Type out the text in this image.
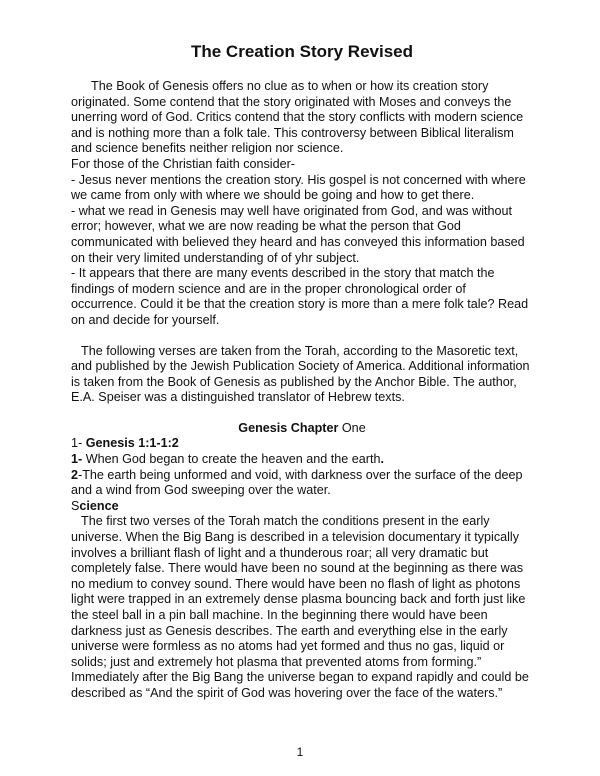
The Creation Story Revised

The Book of Genesis offers no clue as to when or how its creation story originated. Some contend that the story originated with Moses and conveys the unerring word of God. Critics contend that the story conflicts with modern science and is nothing more than a folk tale. This controversy between Biblical literalism and science benefits neither religion nor science.

For those of the Christian faith consider-

- Jesus never mentions the creation story. His gospel is not concerned with where we came from only with where we should be going and how to get there.

- what we read in Genesis may well have originated from God, and was without error; however, what we are now reading be what the person that God communicated with believed they heard and has conveyed this information based on their very limited understanding of of yhr subject.

- It appears that there are many events described in the story that match the findings of modern science and are in the proper chronological order of occurrence. Could it be that the creation story is more than a mere folk tale? Read on and decide for yourself.

The following verses are taken from the Torah, according to the Masoretic text, and published by the Jewish Publication Society of America. Additional information is taken from the Book of Genesis as published by the Anchor Bible. The author, E.A. Speiser was a distinguished translator of Hebrew texts.

Genesis Chapter One

1- Genesis 1:1-1:2

1- When God began to create the heaven and the earth.

2-The earth being unformed and void, with darkness over the surface of the deep and a wind from God sweeping over the water.

Science

The first two verses of the Torah match the conditions present in the early universe. When the Big Bang is described in a television documentary it typically involves a brilliant flash of light and a thunderous roar; all very dramatic but completely false. There would have been no sound at the beginning as there was no medium to convey sound. There would have been no flash of light as photons light were trapped in an extremely dense plasma bouncing back and forth just like the steel ball in a pin ball machine. In the beginning there would have been darkness just as Genesis describes. The earth and everything else in the early universe were formless as no atoms had yet formed and thus no gas, liquid or solids; just and extremely hot plasma that prevented atoms from forming.” Immediately after the Big Bang the universe began to expand rapidly and could be described as “And the spirit of God was hovering over the face of the waters.”

1
